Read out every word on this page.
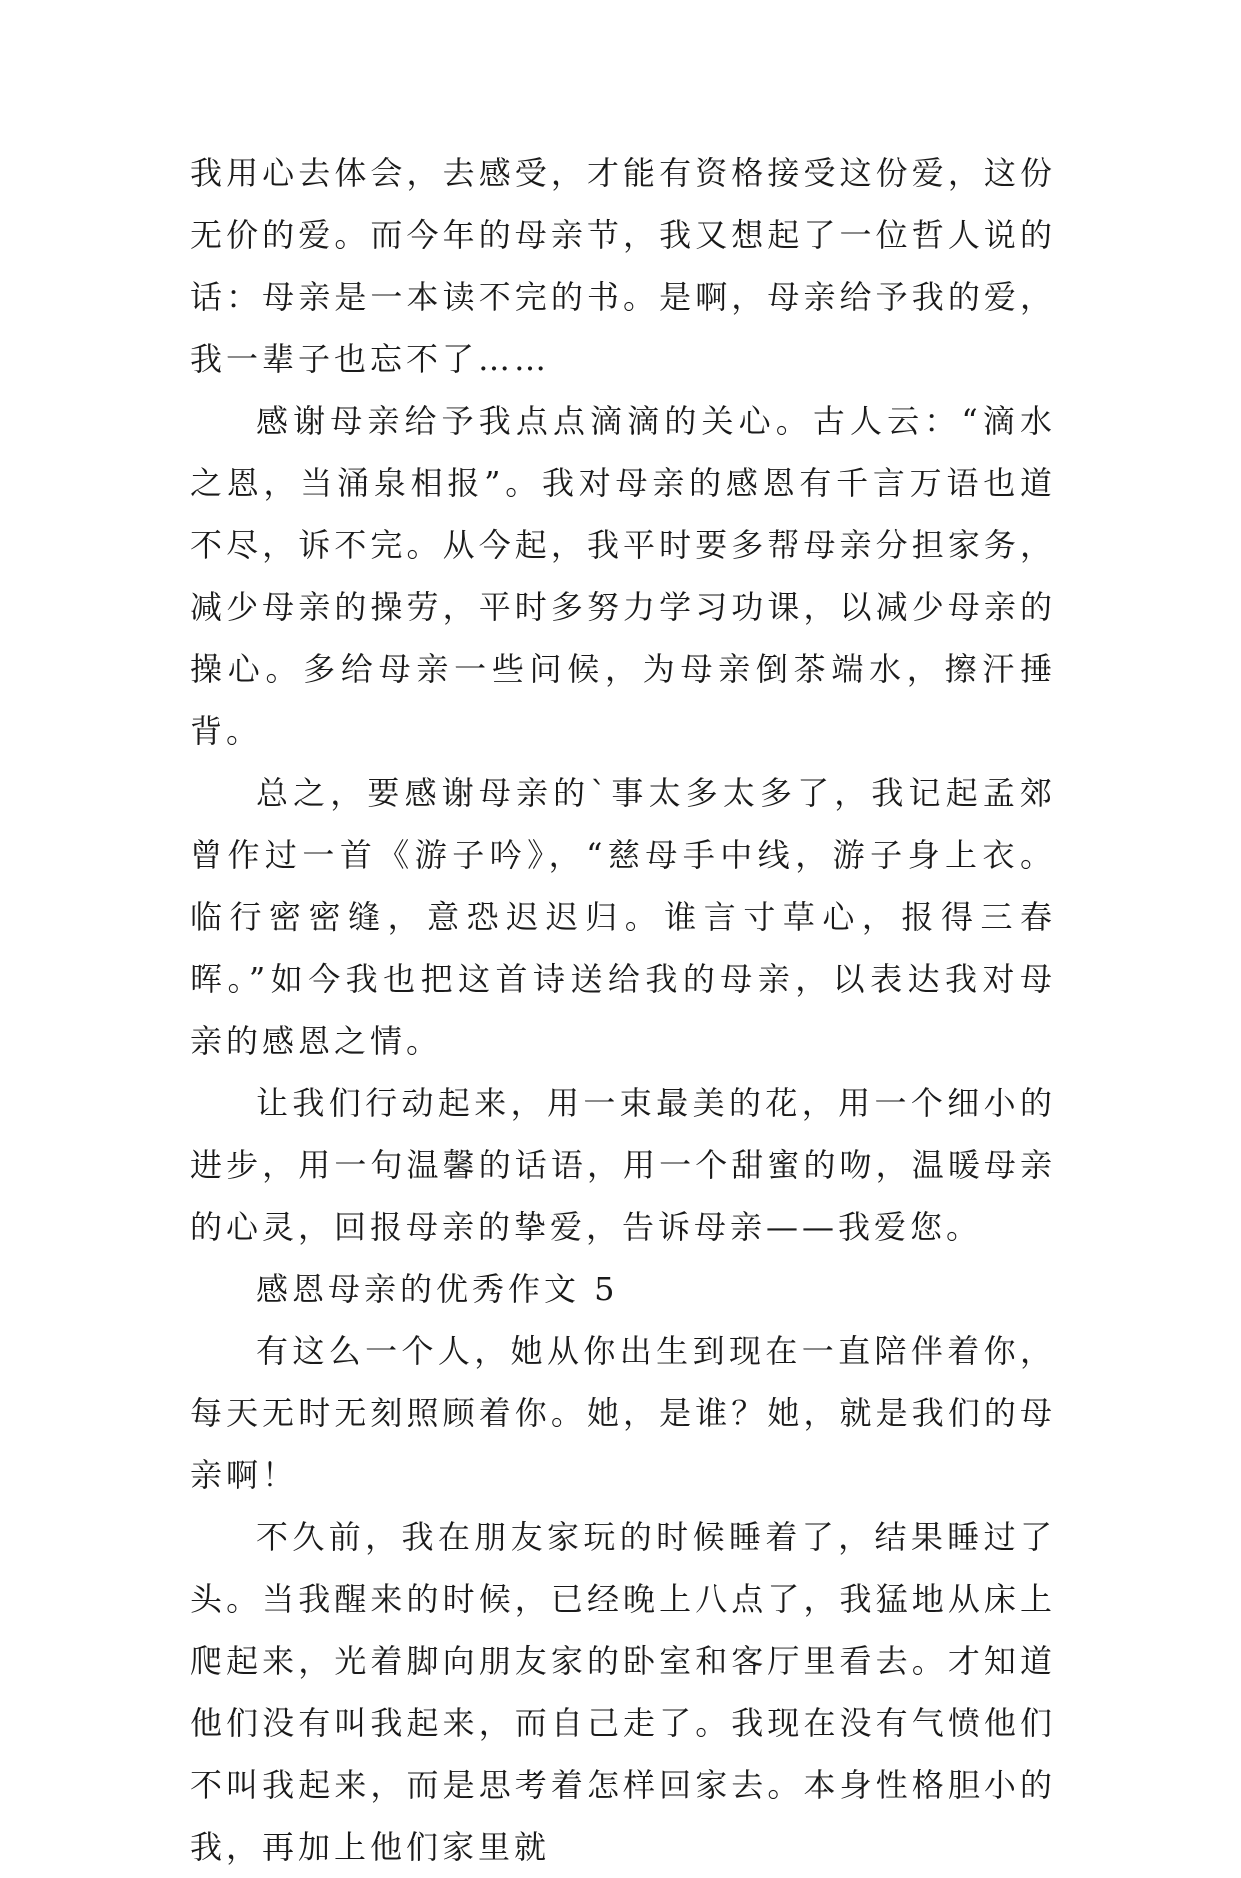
我用心去体会，去感受，才能有资格接受这份爱，这份无价的爱。而今年的母亲节，我又想起了一位哲人说的话：母亲是一本读不完的书。是啊，母亲给予我的爱，我一辈子也忘不了……

感谢母亲给予我点点滴滴的关心。古人云：“滴水之恩，当涌泉相报”。我对母亲的感恩有千言万语也道不尽，诉不完。从今起，我平时要多帮母亲分担家务，减少母亲的操劳，平时多努力学习功课，以减少母亲的操心。多给母亲一些问候，为母亲倒茶端水，擦汗捶背。

总之，要感谢母亲的`事太多太多了，我记起孟郊曾作过一首《游子吟》，“慈母手中线，游子身上衣。临行密密缝，意恐迟迟归。谁言寸草心，报得三春晖。”如今我也把这首诗送给我的母亲，以表达我对母亲的感恩之情。

让我们行动起来，用一束最美的花，用一个细小的进步，用一句温馨的话语，用一个甜蜜的吻，温暖母亲的心灵，回报母亲的挚爱，告诉母亲——我爱您。

感恩母亲的优秀作文 5

有这么一个人，她从你出生到现在一直陪伴着你，每天无时无刻照顾着你。她，是谁？她，就是我们的母亲啊！

不久前，我在朋友家玩的时候睡着了，结果睡过了头。当我醒来的时候，已经晚上八点了，我猛地从床上爬起来，光着脚向朋友家的卧室和客厅里看去。才知道他们没有叫我起来，而自己走了。我现在没有气愤他们不叫我起来，而是思考着怎样回家去。本身性格胆小的我，再加上他们家里就
